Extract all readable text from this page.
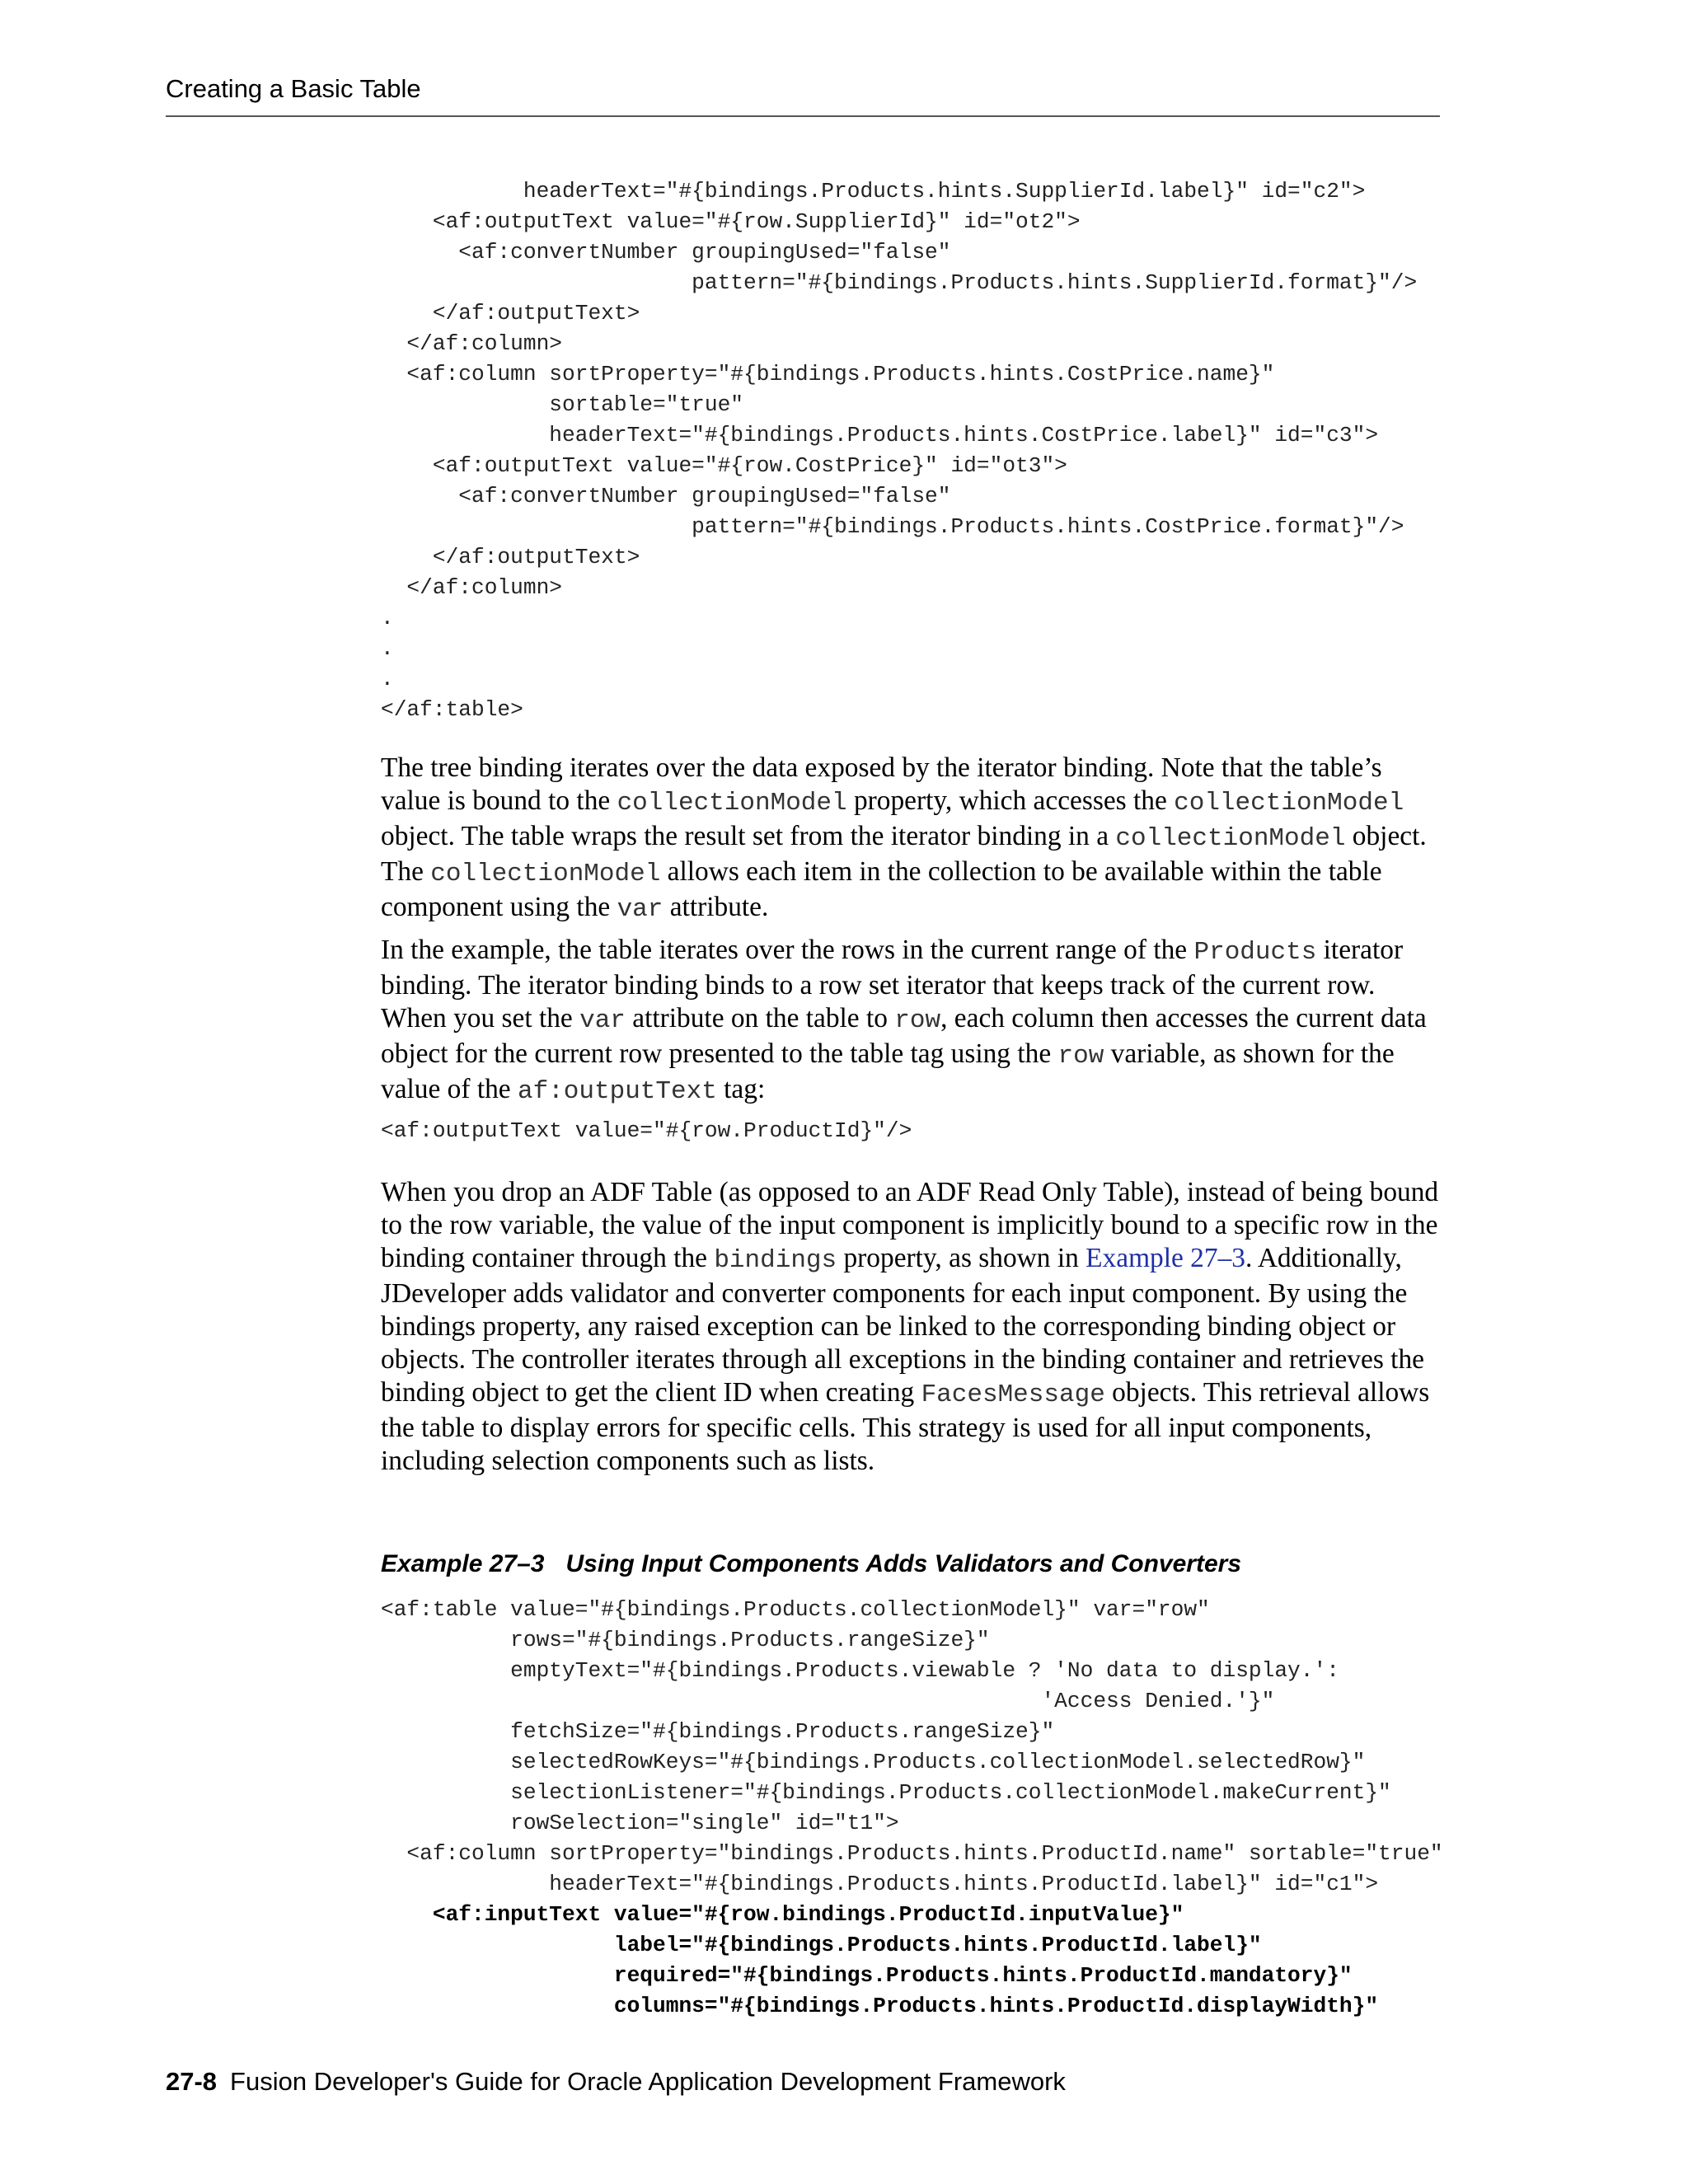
Creating a Basic Table
headerText="#{bindings.Products.hints.SupplierId.label}" id="c2">
<af:outputText value="#{row.SupplierId}" id="ot2">
<af:convertNumber groupingUsed="false"
pattern="#{bindings.Products.hints.SupplierId.format}"/>
</af:outputText>
</af:column>
<af:column sortProperty="#{bindings.Products.hints.CostPrice.name}"
sortable="true"
headerText="#{bindings.Products.hints.CostPrice.label}" id="c3">
<af:outputText value="#{row.CostPrice}" id="ot3">
<af:convertNumber groupingUsed="false"
pattern="#{bindings.Products.hints.CostPrice.format}"/>
</af:outputText>
</af:column>
.
.
.
</af:table>

The tree binding iterates over the data exposed by the iterator binding. Note that the table’s value is bound to the collectionModel property, which accesses the collectionModel object. The table wraps the result set from the iterator binding in a collectionModel object. The collectionModel allows each item in the collection to be available within the table component using the var attribute.

In the example, the table iterates over the rows in the current range of the Products iterator binding. The iterator binding binds to a row set iterator that keeps track of the current row. When you set the var attribute on the table to row, each column then accesses the current data object for the current row presented to the table tag using the row variable, as shown for the value of the af:outputText tag:

<af:outputText value="#{row.ProductId}"/>

When you drop an ADF Table (as opposed to an ADF Read Only Table), instead of being bound to the row variable, the value of the input component is implicitly bound to a specific row in the binding container through the bindings property, as shown in Example 27–3. Additionally, JDeveloper adds validator and converter components for each input component. By using the bindings property, any raised exception can be linked to the corresponding binding object or objects. The controller iterates through all exceptions in the binding container and retrieves the binding object to get the client ID when creating FacesMessage objects. This retrieval allows the table to display errors for specific cells. This strategy is used for all input components, including selection components such as lists.

Example 27–3 Using Input Components Adds Validators and Converters
<af:table value="#{bindings.Products.collectionModel}" var="row"
rows="#{bindings.Products.rangeSize}"
emptyText="#{bindings.Products.viewable ? 'No data to display.':
'Access Denied.'}"
fetchSize="#{bindings.Products.rangeSize}"
selectedRowKeys="#{bindings.Products.collectionModel.selectedRow}"
selectionListener="#{bindings.Products.collectionModel.makeCurrent}"
rowSelection="single" id="t1">
<af:column sortProperty="bindings.Products.hints.ProductId.name" sortable="true"
headerText="#{bindings.Products.hints.ProductId.label}" id="c1">
<af:inputText value="#{row.bindings.ProductId.inputValue}"
label="#{bindings.Products.hints.ProductId.label}"
required="#{bindings.Products.hints.ProductId.mandatory}"
columns="#{bindings.Products.hints.ProductId.displayWidth}"
27-8 Fusion Developer's Guide for Oracle Application Development Framework
